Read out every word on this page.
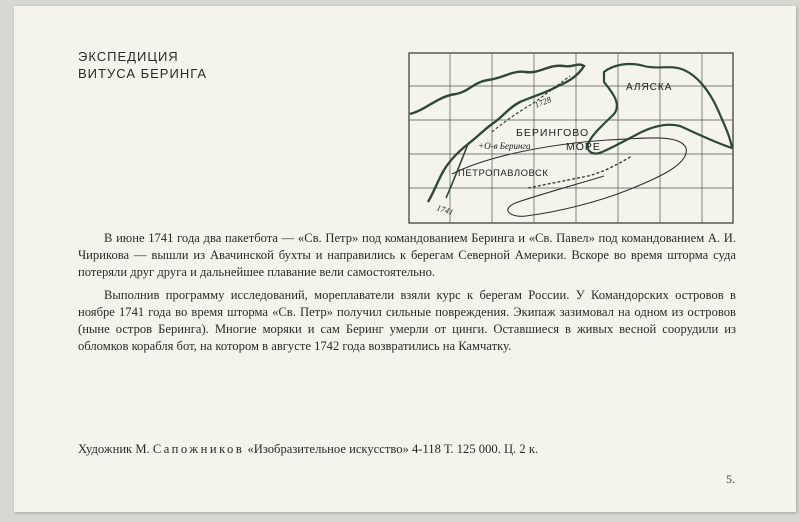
ЭКСПЕДИЦИЯ
ВИТУСА БЕРИНГА
АЛЯСКА
БЕРИНГОВО
МОРЕ
+О-в Беринга
ПЕТРОПАВЛОВСК
1728
1741

В июне 1741 года два пакетбота — «Св. Петр» под командованием Беринга и «Св. Павел» под командованием А. И. Чирикова — вышли из Авачинской бухты и направились к берегам Северной Америки. Вскоре во время шторма суда потеряли друг друга и дальнейшее плавание вели самостоятельно.

Выполнив программу исследований, мореплаватели взяли курс к берегам России. У Командорских островов в ноябре 1741 года во время шторма «Св. Петр» получил сильные повреждения. Экипаж зазимовал на одном из островов (ныне остров Беринга). Многие моряки и сам Беринг умерли от цинги. Оставшиеся в живых весной соорудили из обломков корабля бот, на котором в августе 1742 года возвратились на Камчатку.

Художник М. Сапожников «Изобразительное искусство» 4-118 Т. 125 000. Ц. 2 к.
5.
